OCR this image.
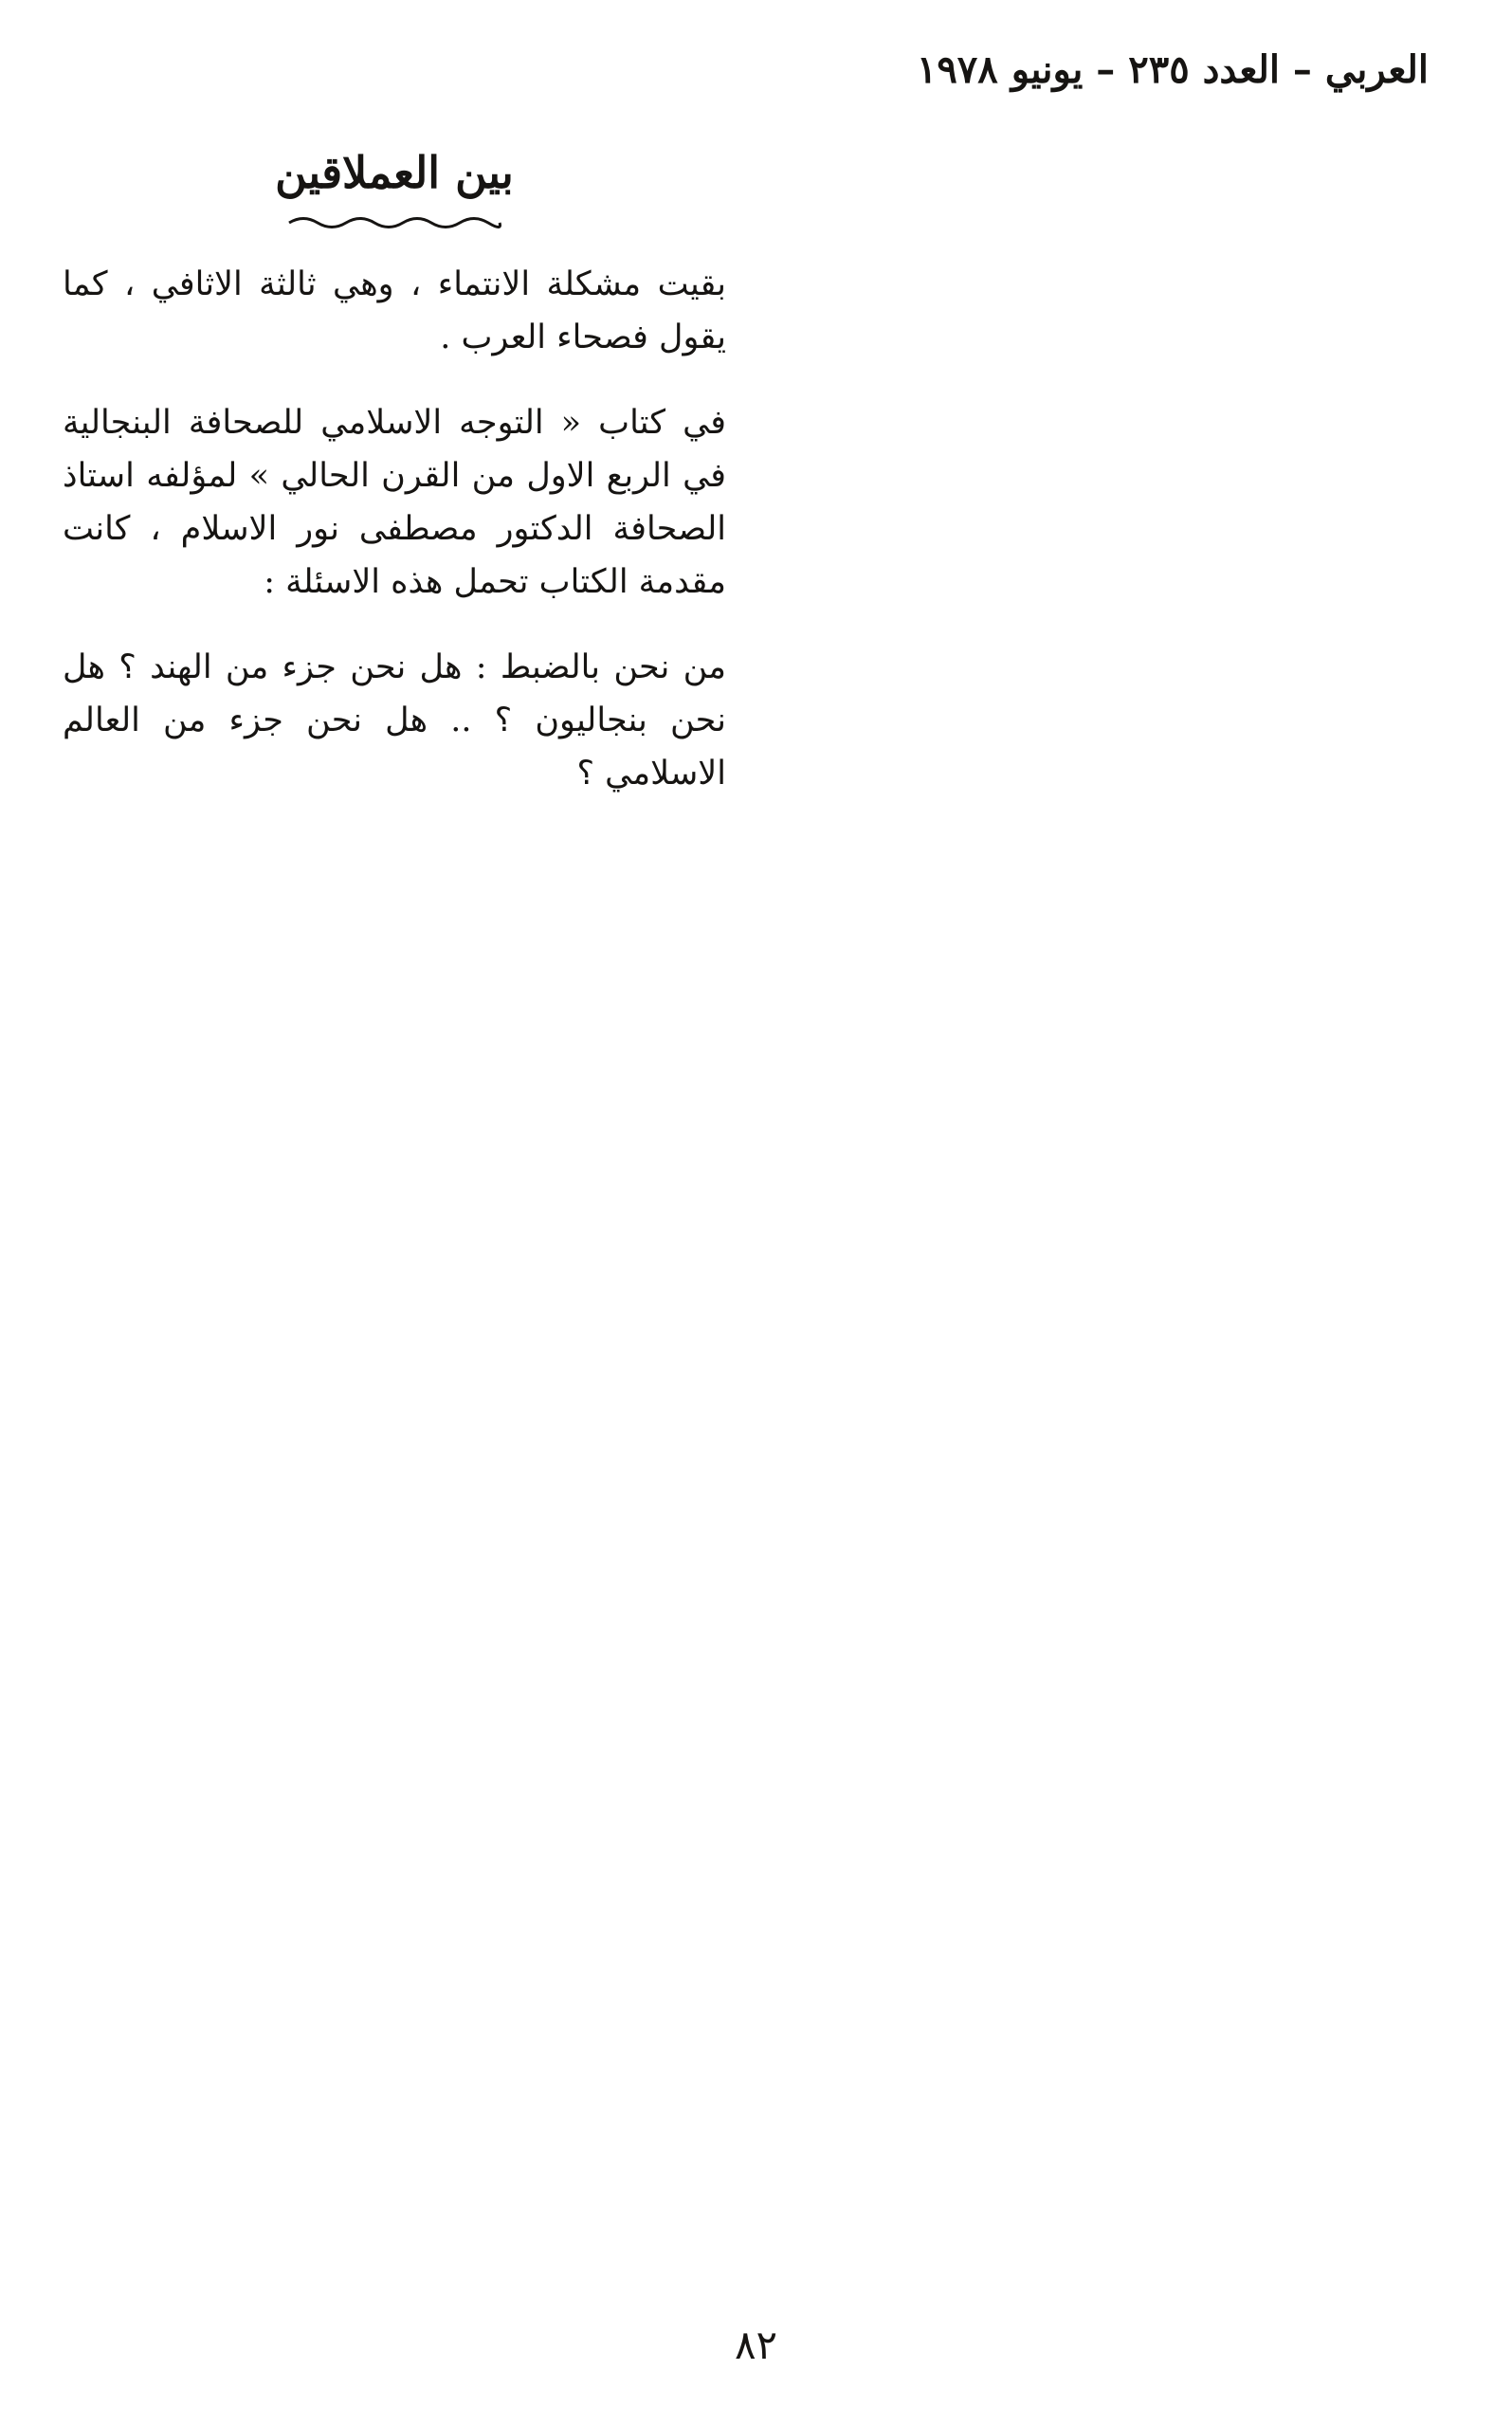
العربي – العدد ٢٣٥ – يونيو ١٩٧٨
بين العملاقين

بقيت مشكلة الانتماء ، وهي ثالثة الاثافي ، كما يقول فصحاء العرب .

في كتاب « التوجه الاسلامي للصحافة البنجالية في الربع الاول من القرن الحالي » لمؤلفه استاذ الصحافة الدكتور مصطفى نور الاسلام ، كانت مقدمة الكتاب تحمل هذه الاسئلة :

من نحن بالضبط : هل نحن جزء من الهند ؟ هل نحن بنجاليون ؟ .. هل نحن جزء من العالم الاسلامي ؟

٨٢
